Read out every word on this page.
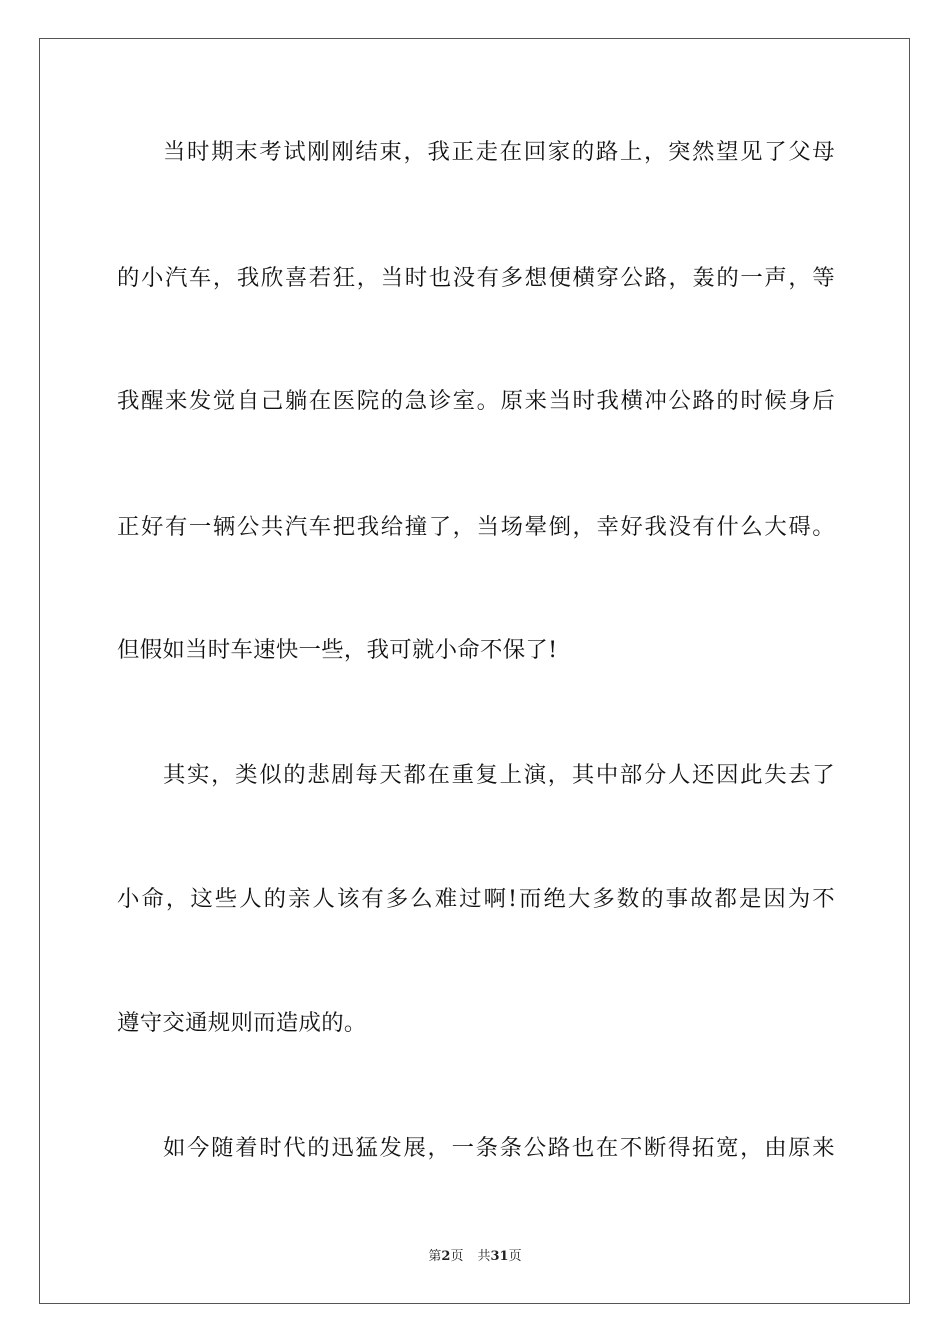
当时期末考试刚刚结束，我正走在回家的路上，突然望见了父母
的小汽车，我欣喜若狂，当时也没有多想便横穿公路，轰的一声，等
我醒来发觉自己躺在医院的急诊室。原来当时我横冲公路的时候身后
正好有一辆公共汽车把我给撞了，当场晕倒，幸好我没有什么大碍。
但假如当时车速快一些，我可就小命不保了!
其实，类似的悲剧每天都在重复上演，其中部分人还因此失去了
小命，这些人的亲人该有多么难过啊!而绝大多数的事故都是因为不
遵守交通规则而造成的。
如今随着时代的迅猛发展，一条条公路也在不断得拓宽，由原来
第2页 共31页
